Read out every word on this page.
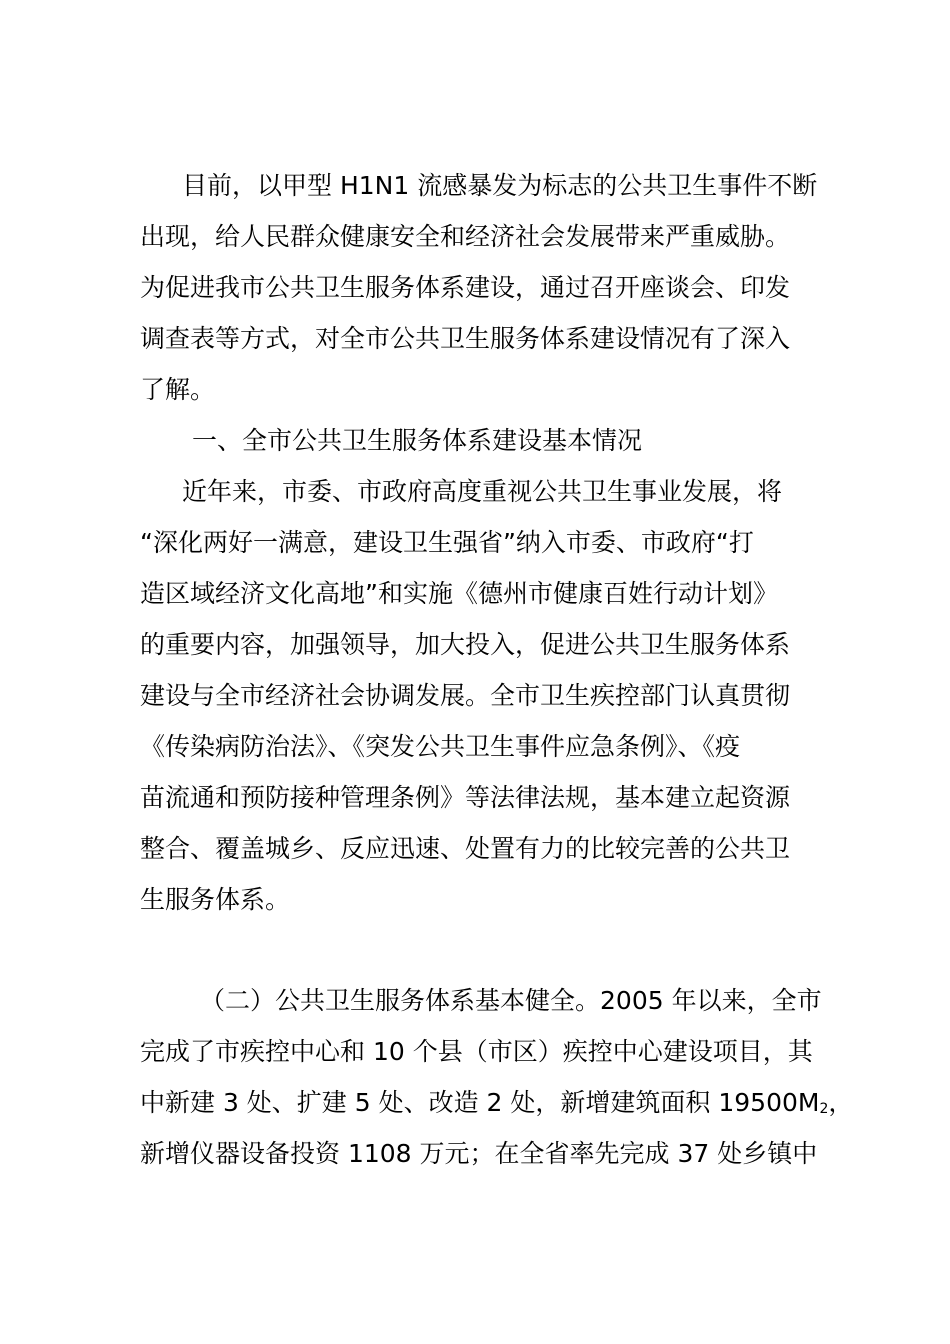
目前，以甲型 H1N1 流感暴发为标志的公共卫生事件不断
出现，给人民群众健康安全和经济社会发展带来严重威胁。
为促进我市公共卫生服务体系建设，通过召开座谈会、印发
调查表等方式，对全市公共卫生服务体系建设情况有了深入
了解。
一、全市公共卫生服务体系建设基本情况
近年来，市委、市政府高度重视公共卫生事业发展，将
“深化两好一满意，建设卫生强省”纳入市委、市政府“打
造区域经济文化高地”和实施《德州市健康百姓行动计划》
的重要内容，加强领导，加大投入，促进公共卫生服务体系
建设与全市经济社会协调发展。全市卫生疾控部门认真贯彻
《传染病防治法》、《突发公共卫生事件应急条例》、《疫
苗流通和预防接种管理条例》等法律法规，基本建立起资源
整合、覆盖城乡、反应迅速、处置有力的比较完善的公共卫
生服务体系。
（二）公共卫生服务体系基本健全。2005 年以来，全市
完成了市疾控中心和 10 个县（市区）疾控中心建设项目，其
中新建 3 处、扩建 5 处、改造 2 处，新增建筑面积 $19500M_2$，
新增仪器设备投资 1108 万元；在全省率先完成 37 处乡镇中
